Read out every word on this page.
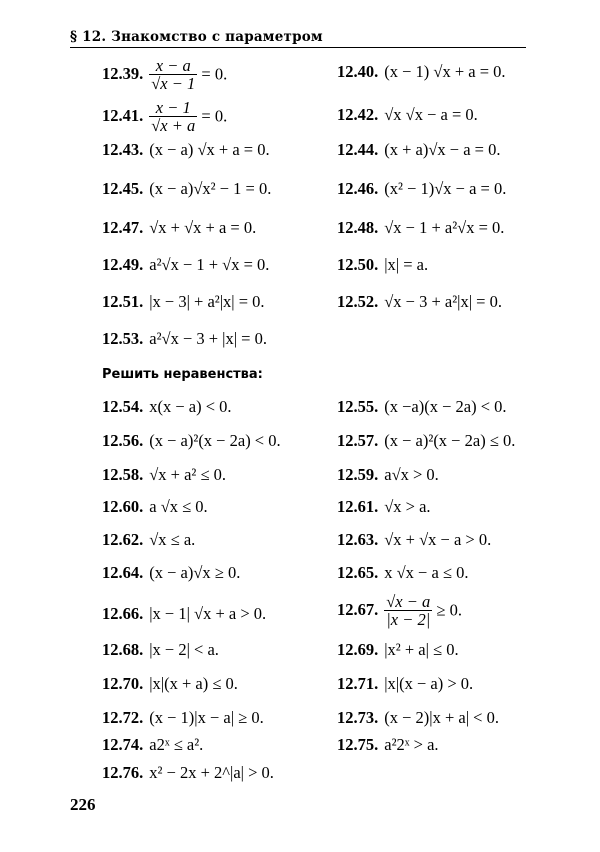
§ 12. Знакомство с параметром
12.39. $\frac{x - a}{√x - 1} = 0$.	12.40. (x − 1) √x + a = 0.
12.41. $\frac{x - 1}{√x + a} = 0$.	12.42. √x √x − a = 0.
12.43. (x − a) √x + a = 0.	12.44. (x + a)√x − a = 0.
12.45. (x − a)√x² − 1 = 0.	12.46. (x² − 1)√x − a = 0.
12.47. √x + √x + a = 0.	12.48. √x − 1 + a²√x = 0.
12.49. a²√x − 1 + √x = 0.	12.50. |x| = a.
12.51. |x − 3| + a²|x| = 0.	12.52. √x − 3 + a²|x| = 0.
12.53. a²√x − 3 + |x| = 0.
Решить неравенства:
12.54. x(x − a) < 0.	12.55. (x −a)(x − 2a) < 0.
12.56. (x − a)²(x − 2a) < 0.	12.57. (x − a)²(x − 2a) ≤ 0.
12.58. √x + a² ≤ 0.	12.59. a√x > 0.
12.60. a √x ≤ 0.	12.61. √x > a.
12.62. √x ≤ a.	12.63. √x + √x − a > 0.
12.64. (x − a)√x ≥ 0.	12.65. x √x − a ≤ 0.
12.66. |x − 1| √x + a > 0.	12.67. $\frac{√x - a}{|x - 2|} \ge 0$.
12.68. |x − 2| < a.	12.69. |x² + a| ≤ 0.
12.70. |x|(x + a) ≤ 0.	12.71. |x|(x − a) > 0.
12.72. (x − 1)|x − a| ≥ 0.	12.73. (x − 2)|x + a| < 0.
12.74. a2ˣ ≤ a².	12.75. a²2ˣ > a.
12.76. x² − 2x + 2^|a| > 0.
226
